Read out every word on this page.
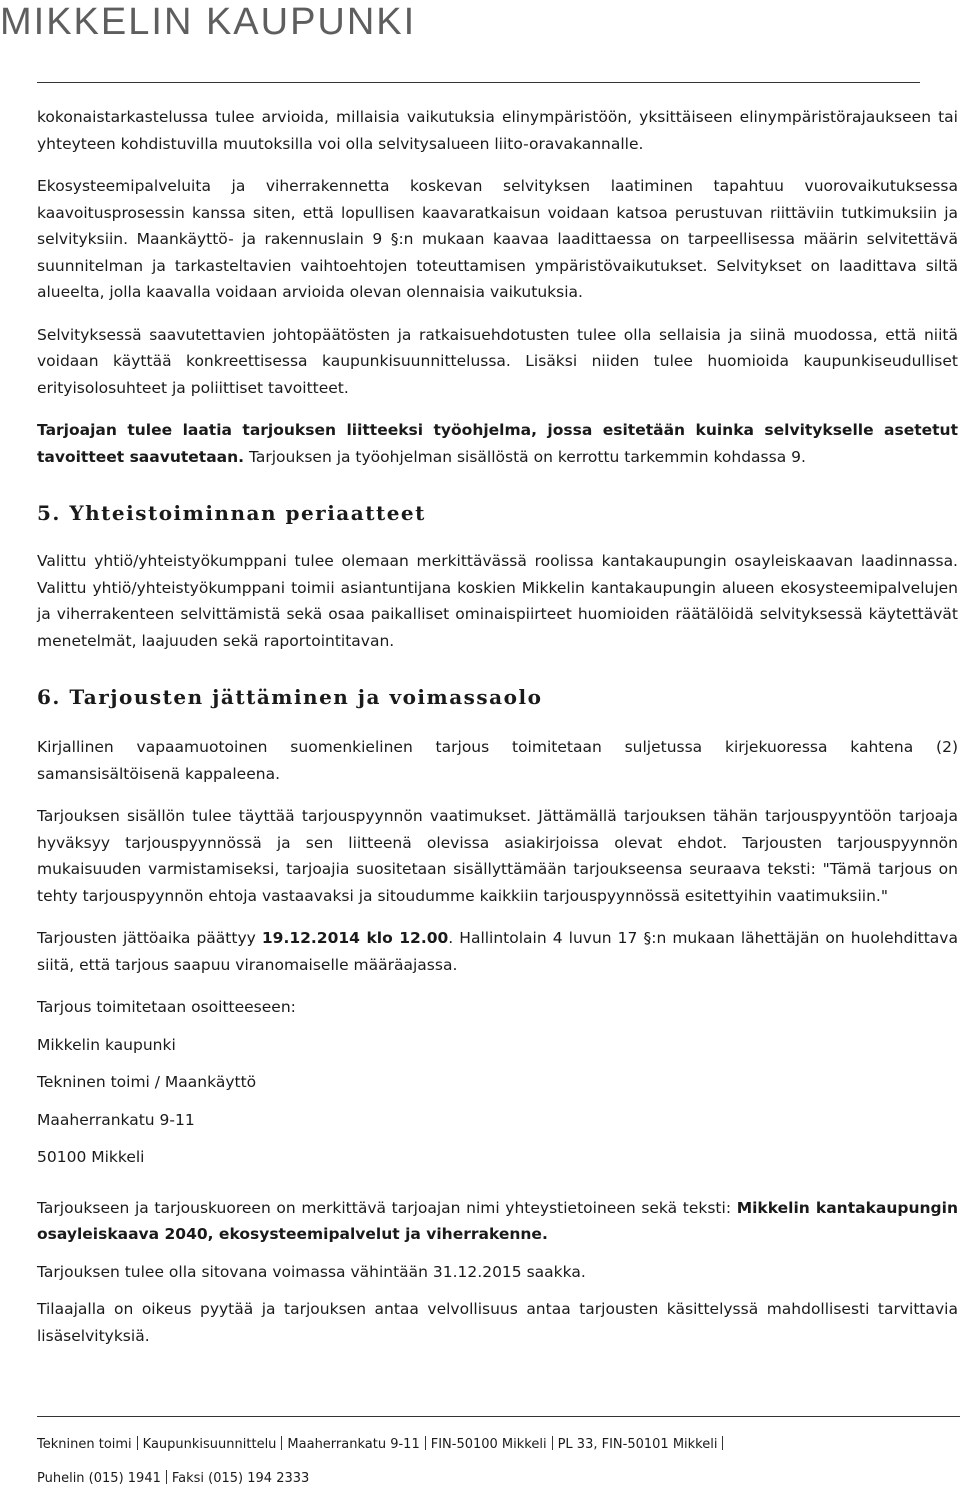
MIKKELIN KAUPUNKI

kokonaistarkastelussa tulee arvioida, millaisia vaikutuksia elinympäristöön, yksittäiseen elinympäristörajaukseen tai yhteyteen kohdistuvilla muutoksilla voi olla selvitysalueen liito-oravakannalle.

Ekosysteemipalveluita ja viherrakennetta koskevan selvityksen laatiminen tapahtuu vuorovaikutuksessa kaavoitusprosessin kanssa siten, että lopullisen kaavaratkaisun voidaan katsoa perustuvan riittäviin tutkimuksiin ja selvityksiin. Maankäyttö- ja rakennuslain 9 §:n mukaan kaavaa laadittaessa on tarpeellisessa määrin selvitettävä suunnitelman ja tarkasteltavien vaihtoehtojen toteuttamisen ympäristövaikutukset. Selvitykset on laadittava siltä alueelta, jolla kaavalla voidaan arvioida olevan olennaisia vaikutuksia.

Selvityksessä saavutettavien johtopäätösten ja ratkaisuehdotusten tulee olla sellaisia ja siinä muodossa, että niitä voidaan käyttää konkreettisessa kaupunkisuunnittelussa. Lisäksi niiden tulee huomioida kaupunkiseudulliset erityisolosuhteet ja poliittiset tavoitteet.

Tarjoajan tulee laatia tarjouksen liitteeksi työohjelma, jossa esitetään kuinka selvitykselle asetetut tavoitteet saavutetaan. Tarjouksen ja työohjelman sisällöstä on kerrottu tarkemmin kohdassa 9.

5. Yhteistoiminnan periaatteet

Valittu yhtiö/yhteistyökumppani tulee olemaan merkittävässä roolissa kantakaupungin osayleiskaavan laadinnassa. Valittu yhtiö/yhteistyökumppani toimii asiantuntijana koskien Mikkelin kantakaupungin alueen ekosysteemipalvelujen ja viherrakenteen selvittämistä sekä osaa paikalliset ominaispiirteet huomioiden räätälöidä selvityksessä käytettävät menetelmät, laajuuden sekä raportointitavan.

6. Tarjousten jättäminen ja voimassaolo

Kirjallinen vapaamuotoinen suomenkielinen tarjous toimitetaan suljetussa kirjekuoressa kahtena (2) samansisältöisenä kappaleena.

Tarjouksen sisällön tulee täyttää tarjouspyynnön vaatimukset. Jättämällä tarjouksen tähän tarjouspyyntöön tarjoaja hyväksyy tarjouspyynnössä ja sen liitteenä olevissa asiakirjoissa olevat ehdot. Tarjousten tarjouspyynnön mukaisuuden varmistamiseksi, tarjoajia suositetaan sisällyttämään tarjoukseensa seuraava teksti: "Tämä tarjous on tehty tarjouspyynnön ehtoja vastaavaksi ja sitoudumme kaikkiin tarjouspyynnössä esitettyihin vaatimuksiin."

Tarjousten jättöaika päättyy 19.12.2014 klo 12.00. Hallintolain 4 luvun 17 §:n mukaan lähettäjän on huolehdittava siitä, että tarjous saapuu viranomaiselle määräajassa.

Tarjous toimitetaan osoitteeseen:

Mikkelin kaupunki

Tekninen toimi / Maankäyttö

Maaherrankatu 9-11

50100 Mikkeli

Tarjoukseen ja tarjouskuoreen on merkittävä tarjoajan nimi yhteystietoineen sekä teksti: Mikkelin kantakaupungin osayleiskaava 2040, ekosysteemipalvelut ja viherrakenne.

Tarjouksen tulee olla sitovana voimassa vähintään 31.12.2015 saakka.

Tilaajalla on oikeus pyytää ja tarjouksen antaa velvollisuus antaa tarjousten käsittelyssä mahdollisesti tarvittavia lisäselvityksiä.

Tekninen toimi Kaupunkisuunnittelu Maaherrankatu 9-11 FIN-50100 Mikkeli PL 33, FIN-50101 Mikkeli
Puhelin (015) 1941 Faksi (015) 194 2333
